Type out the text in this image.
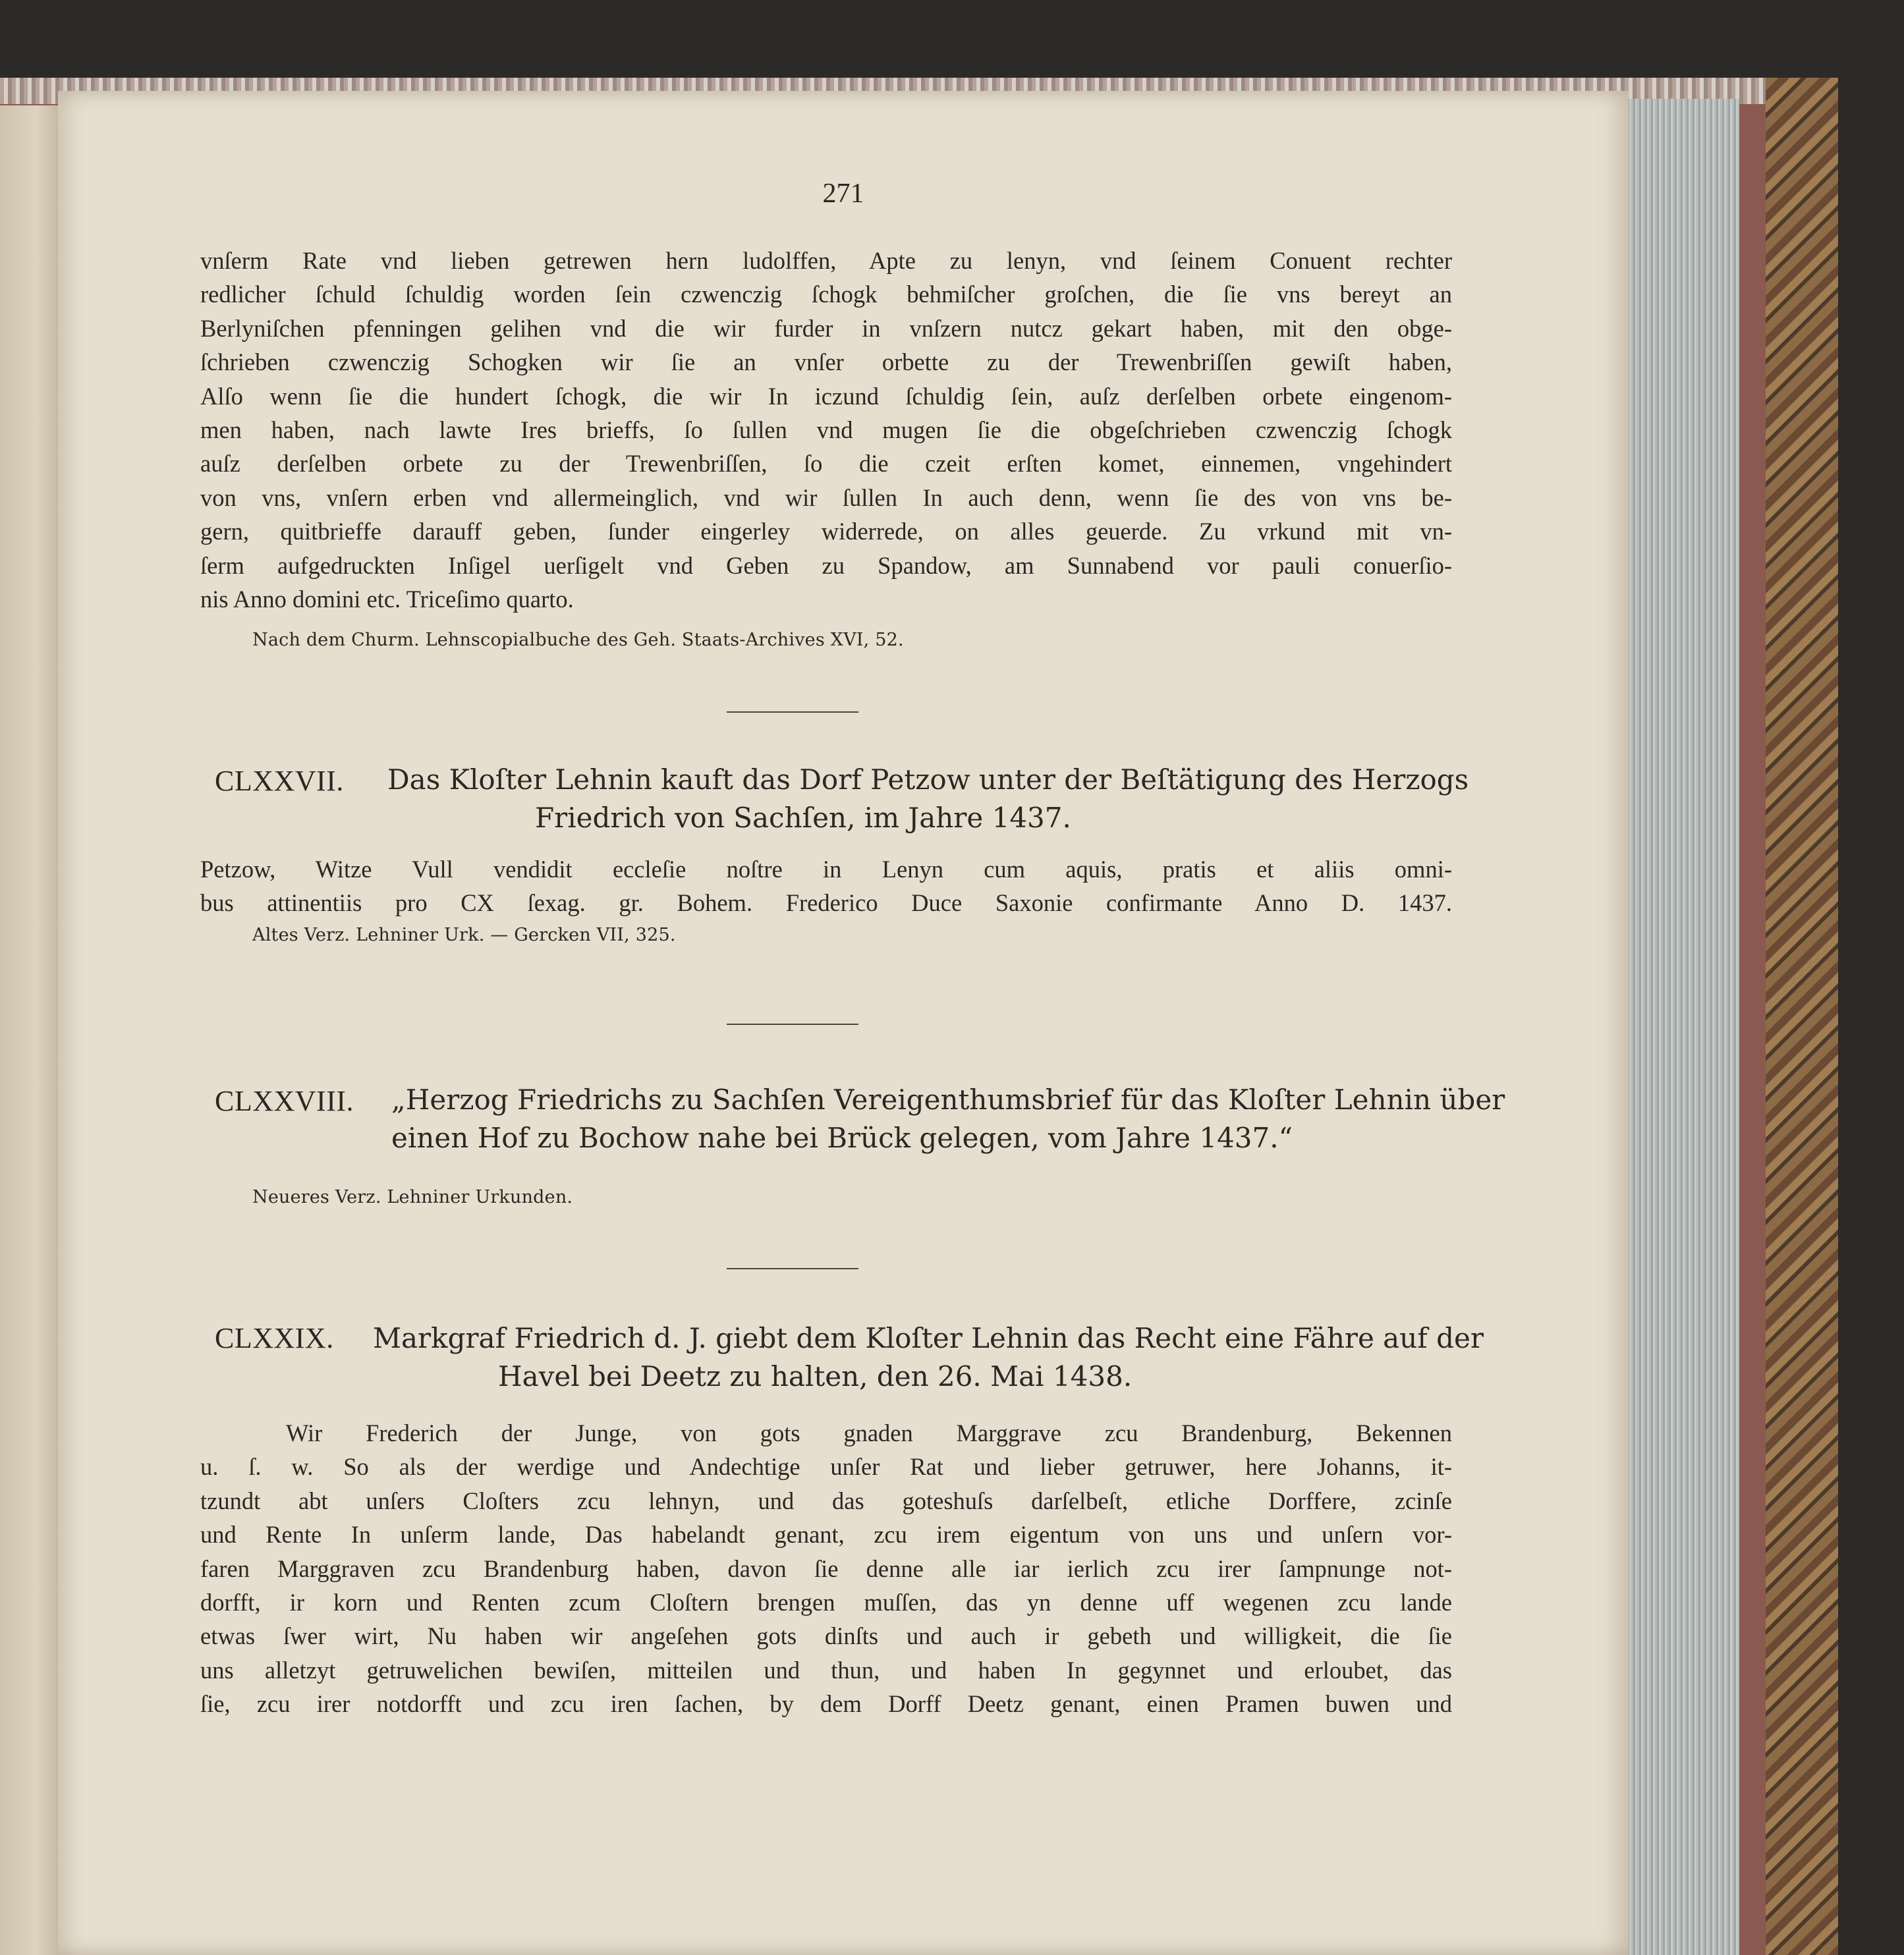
271
vnſerm Rate vnd lieben getrewen hern ludolffen, Apte zu lenyn, vnd ſeinem Conuent rechter
redlicher ſchuld ſchuldig worden ſein czwenczig ſchogk behmiſcher groſchen, die ſie vns bereyt an
Berlyniſchen pfenningen gelihen vnd die wir furder in vnſzern nutcz gekart haben, mit den obge-
ſchrieben czwenczig Schogken wir ſie an vnſer orbette zu der Trewenbriſſen gewiſt haben,
Alſo wenn ſie die hundert ſchogk, die wir In iczund ſchuldig ſein, auſz derſelben orbete eingenom-
men haben, nach lawte Ires brieffs, ſo ſullen vnd mugen ſie die obgeſchrieben czwenczig ſchogk
auſz derſelben orbete zu der Trewenbriſſen, ſo die czeit erſten komet, einnemen, vngehindert
von vns, vnſern erben vnd allermeinglich, vnd wir ſullen In auch denn, wenn ſie des von vns be-
gern, quitbrieffe darauff geben, ſunder eingerley widerrede, on alles geuerde. Zu vrkund mit vn-
ſerm aufgedruckten Inſigel uerſigelt vnd Geben zu Spandow, am Sunnabend vor pauli conuerſio-
nis Anno domini etc. Triceſimo quarto.
Nach dem Churm. Lehnscopialbuche des Geh. Staats-Archives XVI, 52.
CLXXVII. Das Kloſter Lehnin kauft das Dorf Petzow unter der Beſtätigung des Herzogs
Friedrich von Sachſen, im Jahre 1437.
Petzow, Witze Vull vendidit eccleſie noſtre in Lenyn cum aquis, pratis et aliis omni-
bus attinentiis pro CX ſexag. gr. Bohem. Frederico Duce Saxonie confirmante Anno D. 1437.
Altes Verz. Lehniner Urk. — Gercken VII, 325.
CLXXVIII. „Herzog Friedrichs zu Sachſen Vereigenthumsbrief für das Kloſter Lehnin über
einen Hof zu Bochow nahe bei Brück gelegen, vom Jahre 1437.“
Neueres Verz. Lehniner Urkunden.
CLXXIX. Markgraf Friedrich d. J. giebt dem Kloſter Lehnin das Recht eine Fähre auf der
Havel bei Deetz zu halten, den 26. Mai 1438.
Wir Frederich der Junge, von gots gnaden Marggrave zcu Brandenburg, Bekennen
u. ſ. w. So als der werdige und Andechtige unſer Rat und lieber getruwer, here Johanns, it-
tzundt abt unſers Cloſters zcu lehnyn, und das goteshuſs darſelbeſt, etliche Dorffere, zcinſe
und Rente In unſerm lande, Das habelandt genant, zcu irem eigentum von uns und unſern vor-
faren Marggraven zcu Brandenburg haben, davon ſie denne alle iar ierlich zcu irer ſampnunge not-
dorfft, ir korn und Renten zcum Cloſtern brengen muſſen, das yn denne uff wegenen zcu lande
etwas ſwer wirt, Nu haben wir angeſehen gots dinſts und auch ir gebeth und willigkeit, die ſie
uns alletzyt getruwelichen bewiſen, mitteilen und thun, und haben In gegynnet und erloubet, das
ſie, zcu irer notdorfft und zcu iren ſachen, by dem Dorff Deetz genant, einen Pramen buwen und
